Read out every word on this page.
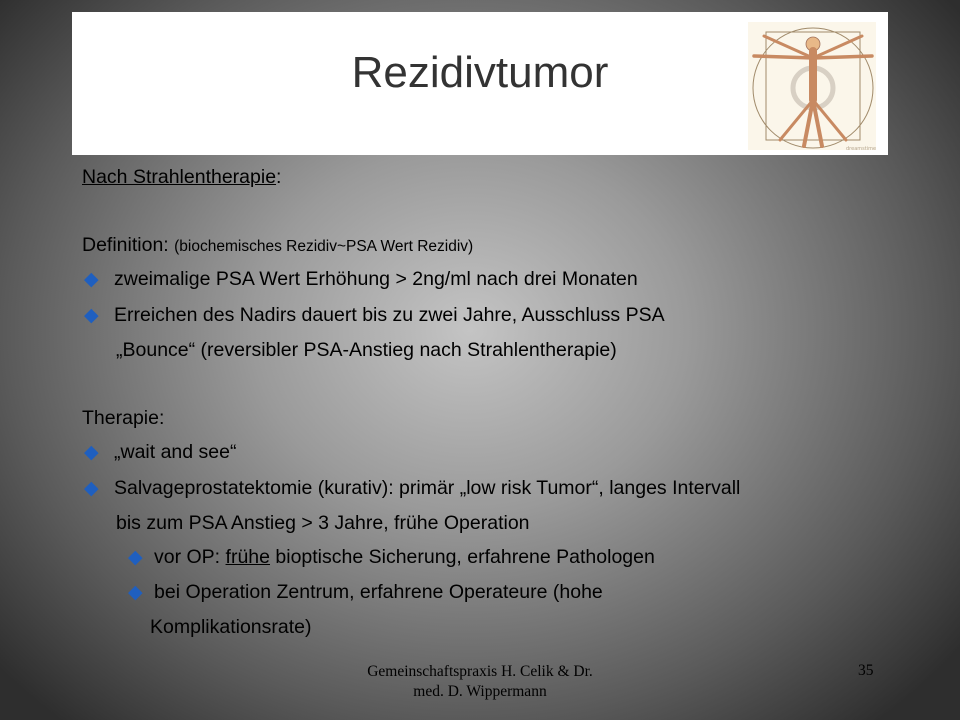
Rezidivtumor
dreamstime
Nach Strahlentherapie:
Definition: (biochemisches Rezidiv~PSA Wert Rezidiv)
◆ zweimalige PSA Wert Erhöhung > 2ng/ml nach drei Monaten
◆ Erreichen des Nadirs dauert bis zu zwei Jahre, Ausschluss PSA
„Bounce“ (reversibler PSA-Anstieg nach Strahlentherapie)
Therapie:
◆ „wait and see“
◆ Salvageprostatektomie (kurativ): primär „low risk Tumor“, langes Intervall
bis zum PSA Anstieg > 3 Jahre, frühe Operation
◆ vor OP: frühe bioptische Sicherung, erfahrene Pathologen
◆ bei Operation Zentrum, erfahrene Operateure (hohe
Komplikationsrate)
Gemeinschaftspraxis H. Celik & Dr.
med. D. Wippermann
35
